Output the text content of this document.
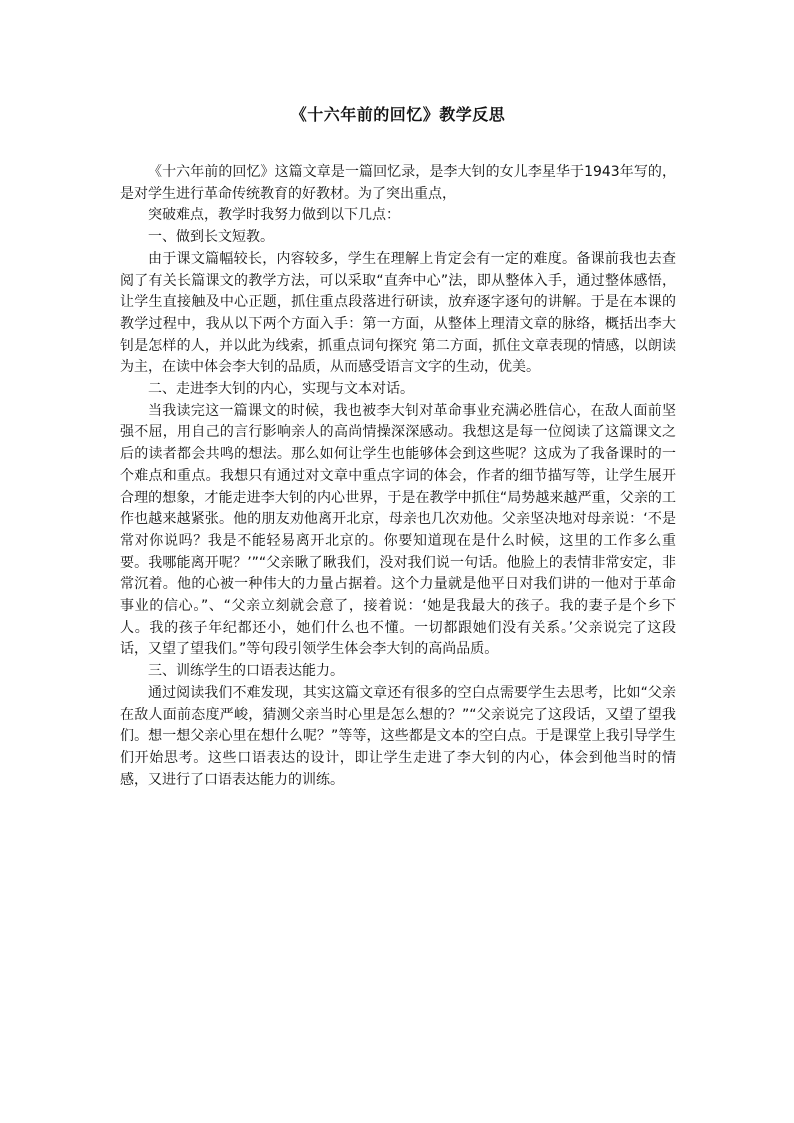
《十六年前的回忆》教学反思

《十六年前的回忆》这篇文章是一篇回忆录，是李大钊的女儿李星华于1943年写的，是对学生进行革命传统教育的好教材。为了突出重点，

突破难点，教学时我努力做到以下几点：

一、做到长文短教。

由于课文篇幅较长，内容较多，学生在理解上肯定会有一定的难度。备课前我也去查阅了有关长篇课文的教学方法，可以采取“直奔中心”法，即从整体入手，通过整体感悟，让学生直接触及中心正题，抓住重点段落进行研读，放弃逐字逐句的讲解。于是在本课的教学过程中，我从以下两个方面入手：第一方面，从整体上理清文章的脉络，概括出李大钊是怎样的人，并以此为线索，抓重点词句探究 第二方面，抓住文章表现的情感，以朗读为主，在读中体会李大钊的品质，从而感受语言文字的生动，优美。

二、走进李大钊的内心，实现与文本对话。

当我读完这一篇课文的时候，我也被李大钊对革命事业充满必胜信心，在敌人面前坚强不屈，用自己的言行影响亲人的高尚情操深深感动。我想这是每一位阅读了这篇课文之后的读者都会共鸣的想法。那么如何让学生也能够体会到这些呢？这成为了我备课时的一个难点和重点。我想只有通过对文章中重点字词的体会，作者的细节描写等，让学生展开合理的想象，才能走进李大钊的内心世界，于是在教学中抓住“局势越来越严重，父亲的工作也越来越紧张。他的朋友劝他离开北京，母亲也几次劝他。父亲坚决地对母亲说：‘不是常对你说吗？我是不能轻易离开北京的。你要知道现在是什么时候，这里的工作多么重要。我哪能离开呢？’”“父亲瞅了瞅我们，没对我们说一句话。他脸上的表情非常安定，非常沉着。他的心被一种伟大的力量占据着。这个力量就是他平日对我们讲的一他对于革命事业的信心。”、“父亲立刻就会意了，接着说：‘她是我最大的孩子。我的妻子是个乡下人。我的孩子年纪都还小，她们什么也不懂。一切都跟她们没有关系。’父亲说完了这段话，又望了望我们。”等句段引领学生体会李大钊的高尚品质。

三、训练学生的口语表达能力。

通过阅读我们不难发现，其实这篇文章还有很多的空白点需要学生去思考，比如“父亲在敌人面前态度严峻，猜测父亲当时心里是怎么想的？”“父亲说完了这段话，又望了望我们。想一想父亲心里在想什么呢？”等等，这些都是文本的空白点。于是课堂上我引导学生们开始思考。这些口语表达的设计，即让学生走进了李大钊的内心，体会到他当时的情感，又进行了口语表达能力的训练。
